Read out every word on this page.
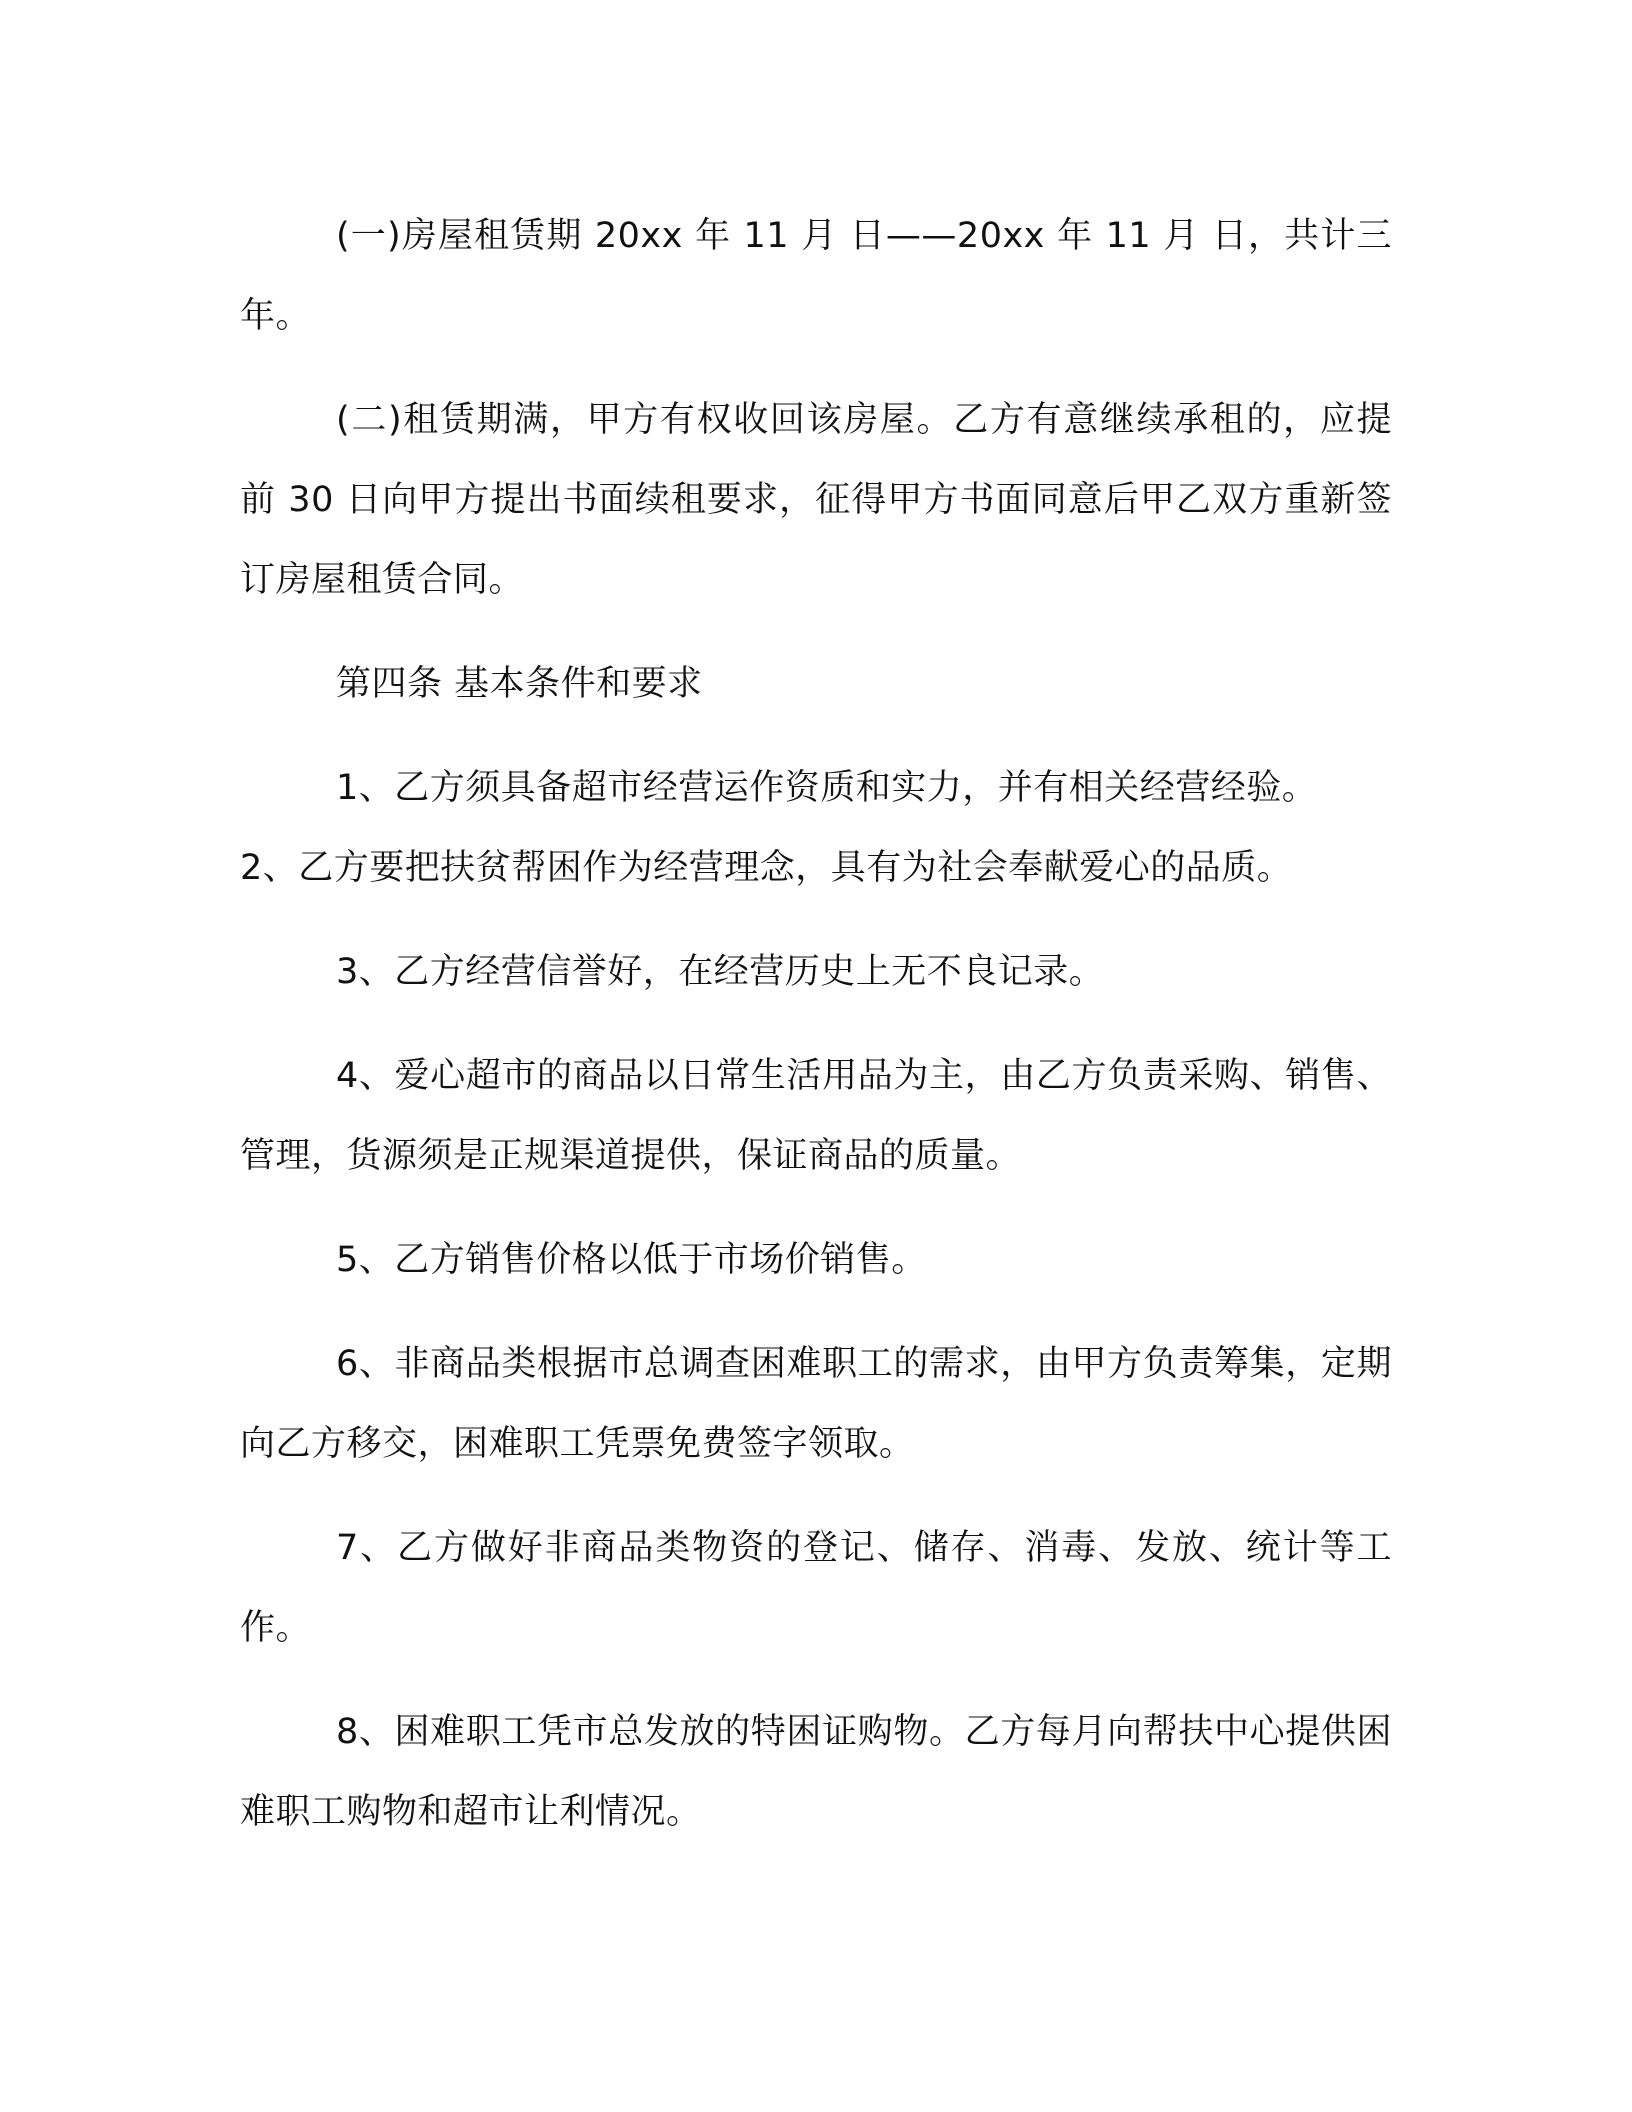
(一)房屋租赁期 20xx 年 11 月 日——20xx 年 11 月 日，共计三年。

(二)租赁期满，甲方有权收回该房屋。乙方有意继续承租的，应提前 30 日向甲方提出书面续租要求，征得甲方书面同意后甲乙双方重新签订房屋租赁合同。

第四条 基本条件和要求

1、乙方须具备超市经营运作资质和实力，并有相关经营经验。

2、乙方要把扶贫帮困作为经营理念，具有为社会奉献爱心的品质。

3、乙方经营信誉好，在经营历史上无不良记录。

4、爱心超市的商品以日常生活用品为主，由乙方负责采购、销售、管理，货源须是正规渠道提供，保证商品的质量。

5、乙方销售价格以低于市场价销售。

6、非商品类根据市总调查困难职工的需求，由甲方负责筹集，定期向乙方移交，困难职工凭票免费签字领取。

7、乙方做好非商品类物资的登记、储存、消毒、发放、统计等工作。

8、困难职工凭市总发放的特困证购物。乙方每月向帮扶中心提供困难职工购物和超市让利情况。
